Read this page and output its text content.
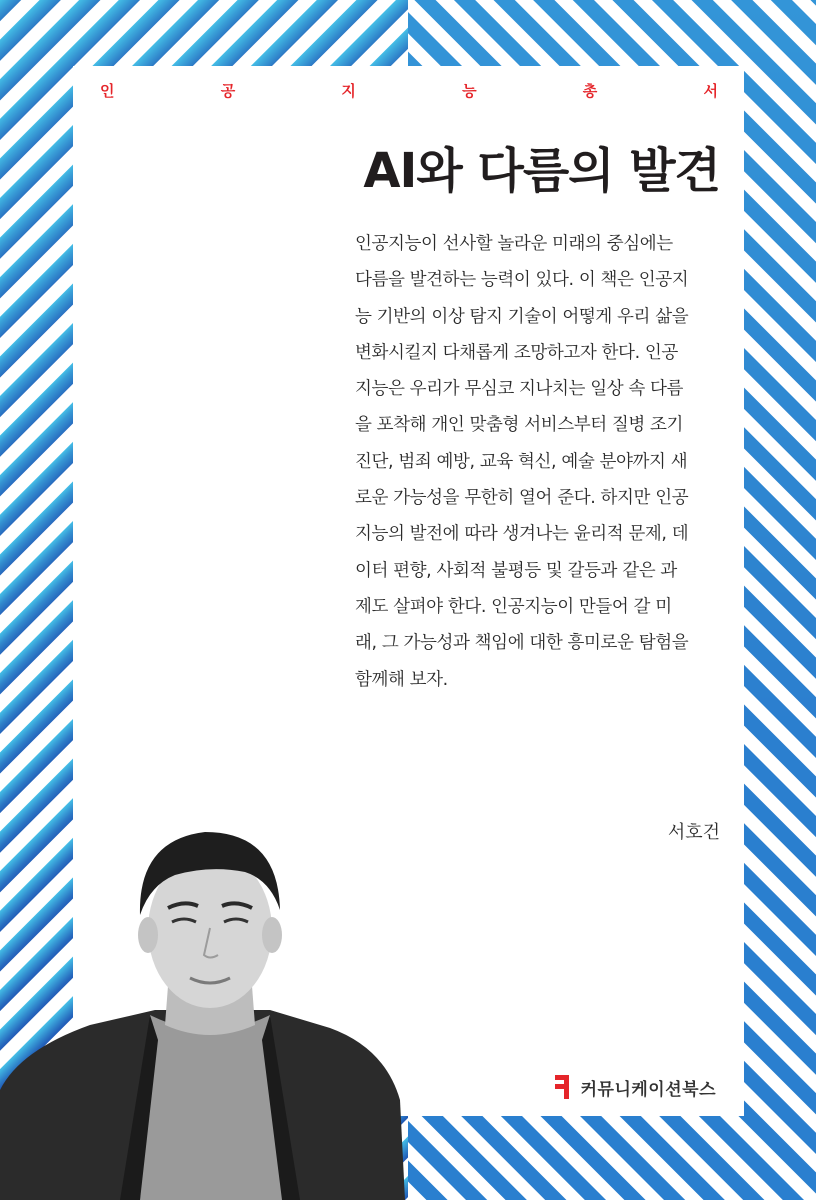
인	공	지	능	총	서
AI와 다름의 발견
인공지능이 선사할 놀라운 미래의 중심에는
다름을 발견하는 능력이 있다. 이 책은 인공지
능 기반의 이상 탐지 기술이 어떻게 우리 삶을
변화시킬지 다채롭게 조망하고자 한다. 인공
지능은 우리가 무심코 지나치는 일상 속 다름
을 포착해 개인 맞춤형 서비스부터 질병 조기
진단, 범죄 예방, 교육 혁신, 예술 분야까지 새
로운 가능성을 무한히 열어 준다. 하지만 인공
지능의 발전에 따라 생겨나는 윤리적 문제, 데
이터 편향, 사회적 불평등 및 갈등과 같은 과
제도 살펴야 한다. 인공지능이 만들어 갈 미
래, 그 가능성과 책임에 대한 흥미로운 탐험을
함께해 보자.
서호건
커뮤니케이션북스
